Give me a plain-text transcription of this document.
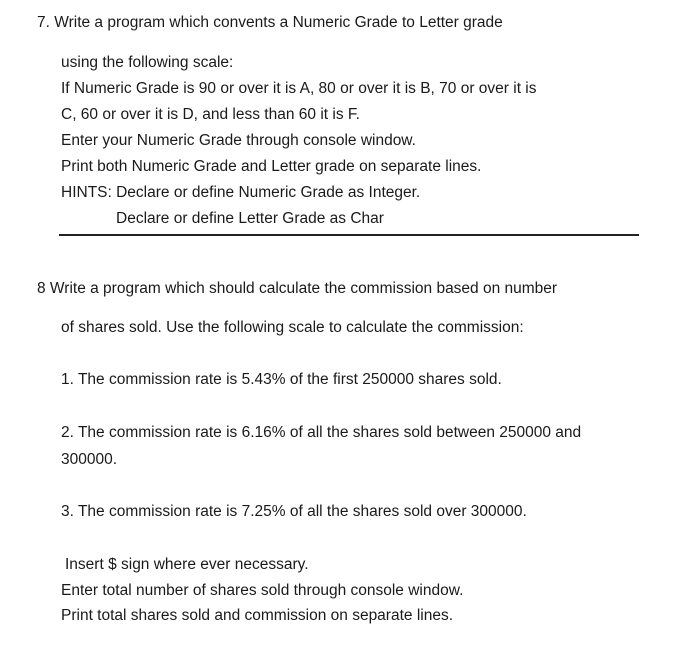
7. Write a program which convents a Numeric Grade to Letter grade
using the following scale:
If Numeric Grade is 90 or over it is A, 80 or over it is B, 70 or over it is
C, 60 or over it is D, and less than 60 it is F.
Enter your Numeric Grade through console window.
Print both Numeric Grade and Letter grade on separate lines.
HINTS: Declare or define Numeric Grade as Integer.
Declare or define Letter Grade as Char
8 Write a program which should calculate the commission based on number
of shares sold. Use the following scale to calculate the commission:
1. The commission rate is 5.43% of the first 250000 shares sold.
2. The commission rate is 6.16% of all the shares sold between 250000 and
300000.
3. The commission rate is 7.25% of all the shares sold over 300000.
Insert $ sign where ever necessary.
Enter total number of shares sold through console window.
Print total shares sold and commission on separate lines.
